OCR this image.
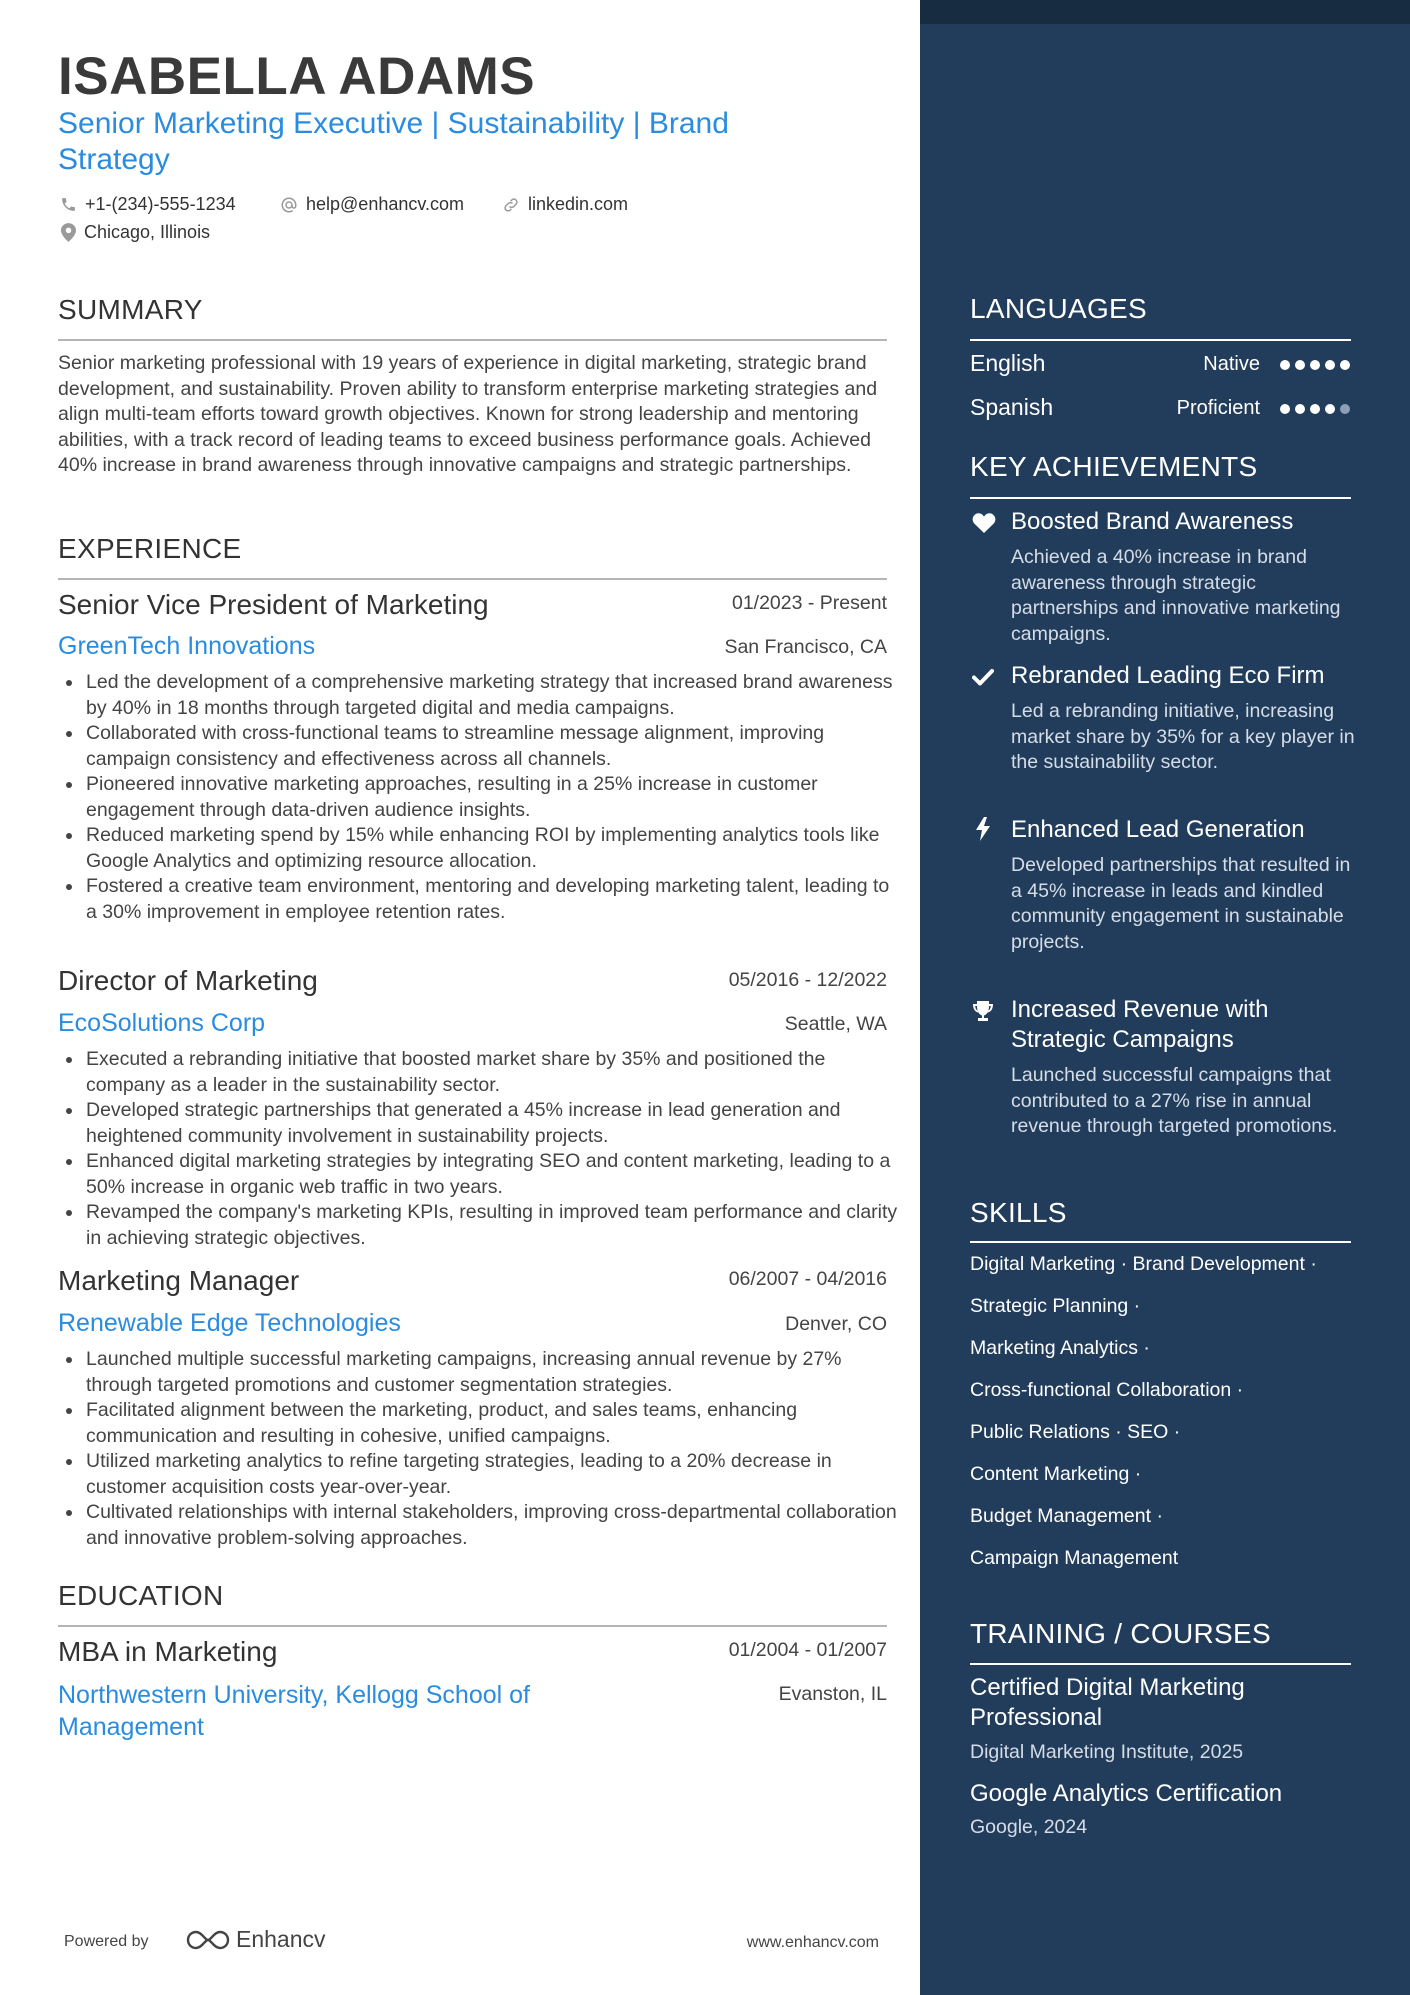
ISABELLA ADAMS
Senior Marketing Executive | Sustainability | Brand Strategy
+1-(234)-555-1234	help@enhancv.com	linkedin.com
Chicago, Illinois
SUMMARY
Senior marketing professional with 19 years of experience in digital marketing, strategic brand development, and sustainability. Proven ability to transform enterprise marketing strategies and align multi-team efforts toward growth objectives. Known for strong leadership and mentoring abilities, with a track record of leading teams to exceed business performance goals. Achieved 40% increase in brand awareness through innovative campaigns and strategic partnerships.
EXPERIENCE
Senior Vice President of Marketing	01/2023 - Present
GreenTech Innovations	San Francisco, CA
Led the development of a comprehensive marketing strategy that increased brand awareness by 40% in 18 months through targeted digital and media campaigns.
Collaborated with cross-functional teams to streamline message alignment, improving campaign consistency and effectiveness across all channels.
Pioneered innovative marketing approaches, resulting in a 25% increase in customer engagement through data-driven audience insights.
Reduced marketing spend by 15% while enhancing ROI by implementing analytics tools like Google Analytics and optimizing resource allocation.
Fostered a creative team environment, mentoring and developing marketing talent, leading to a 30% improvement in employee retention rates.
Director of Marketing	05/2016 - 12/2022
EcoSolutions Corp	Seattle, WA
Executed a rebranding initiative that boosted market share by 35% and positioned the company as a leader in the sustainability sector.
Developed strategic partnerships that generated a 45% increase in lead generation and heightened community involvement in sustainability projects.
Enhanced digital marketing strategies by integrating SEO and content marketing, leading to a 50% increase in organic web traffic in two years.
Revamped the company's marketing KPIs, resulting in improved team performance and clarity in achieving strategic objectives.
Marketing Manager	06/2007 - 04/2016
Renewable Edge Technologies	Denver, CO
Launched multiple successful marketing campaigns, increasing annual revenue by 27% through targeted promotions and customer segmentation strategies.
Facilitated alignment between the marketing, product, and sales teams, enhancing communication and resulting in cohesive, unified campaigns.
Utilized marketing analytics to refine targeting strategies, leading to a 20% decrease in customer acquisition costs year-over-year.
Cultivated relationships with internal stakeholders, improving cross-departmental collaboration and innovative problem-solving approaches.
EDUCATION
MBA in Marketing	01/2004 - 01/2007
Northwestern University, Kellogg School of Management
Evanston, IL
Powered by	Enhancv	www.enhancv.com
LANGUAGES
English	Native
Spanish	Proficient
KEY ACHIEVEMENTS
Boosted Brand Awareness
Achieved a 40% increase in brand awareness through strategic partnerships and innovative marketing campaigns.
Rebranded Leading Eco Firm
Led a rebranding initiative, increasing market share by 35% for a key player in the sustainability sector.
Enhanced Lead Generation
Developed partnerships that resulted in a 45% increase in leads and kindled community engagement in sustainable projects.
Increased Revenue with Strategic Campaigns
Launched successful campaigns that contributed to a 27% rise in annual revenue through targeted promotions.
SKILLS
Digital Marketing · Brand Development ·
Strategic Planning ·
Marketing Analytics ·
Cross-functional Collaboration ·
Public Relations · SEO ·
Content Marketing ·
Budget Management ·
Campaign Management
TRAINING / COURSES
Certified Digital Marketing Professional
Digital Marketing Institute, 2025
Google Analytics Certification
Google, 2024
